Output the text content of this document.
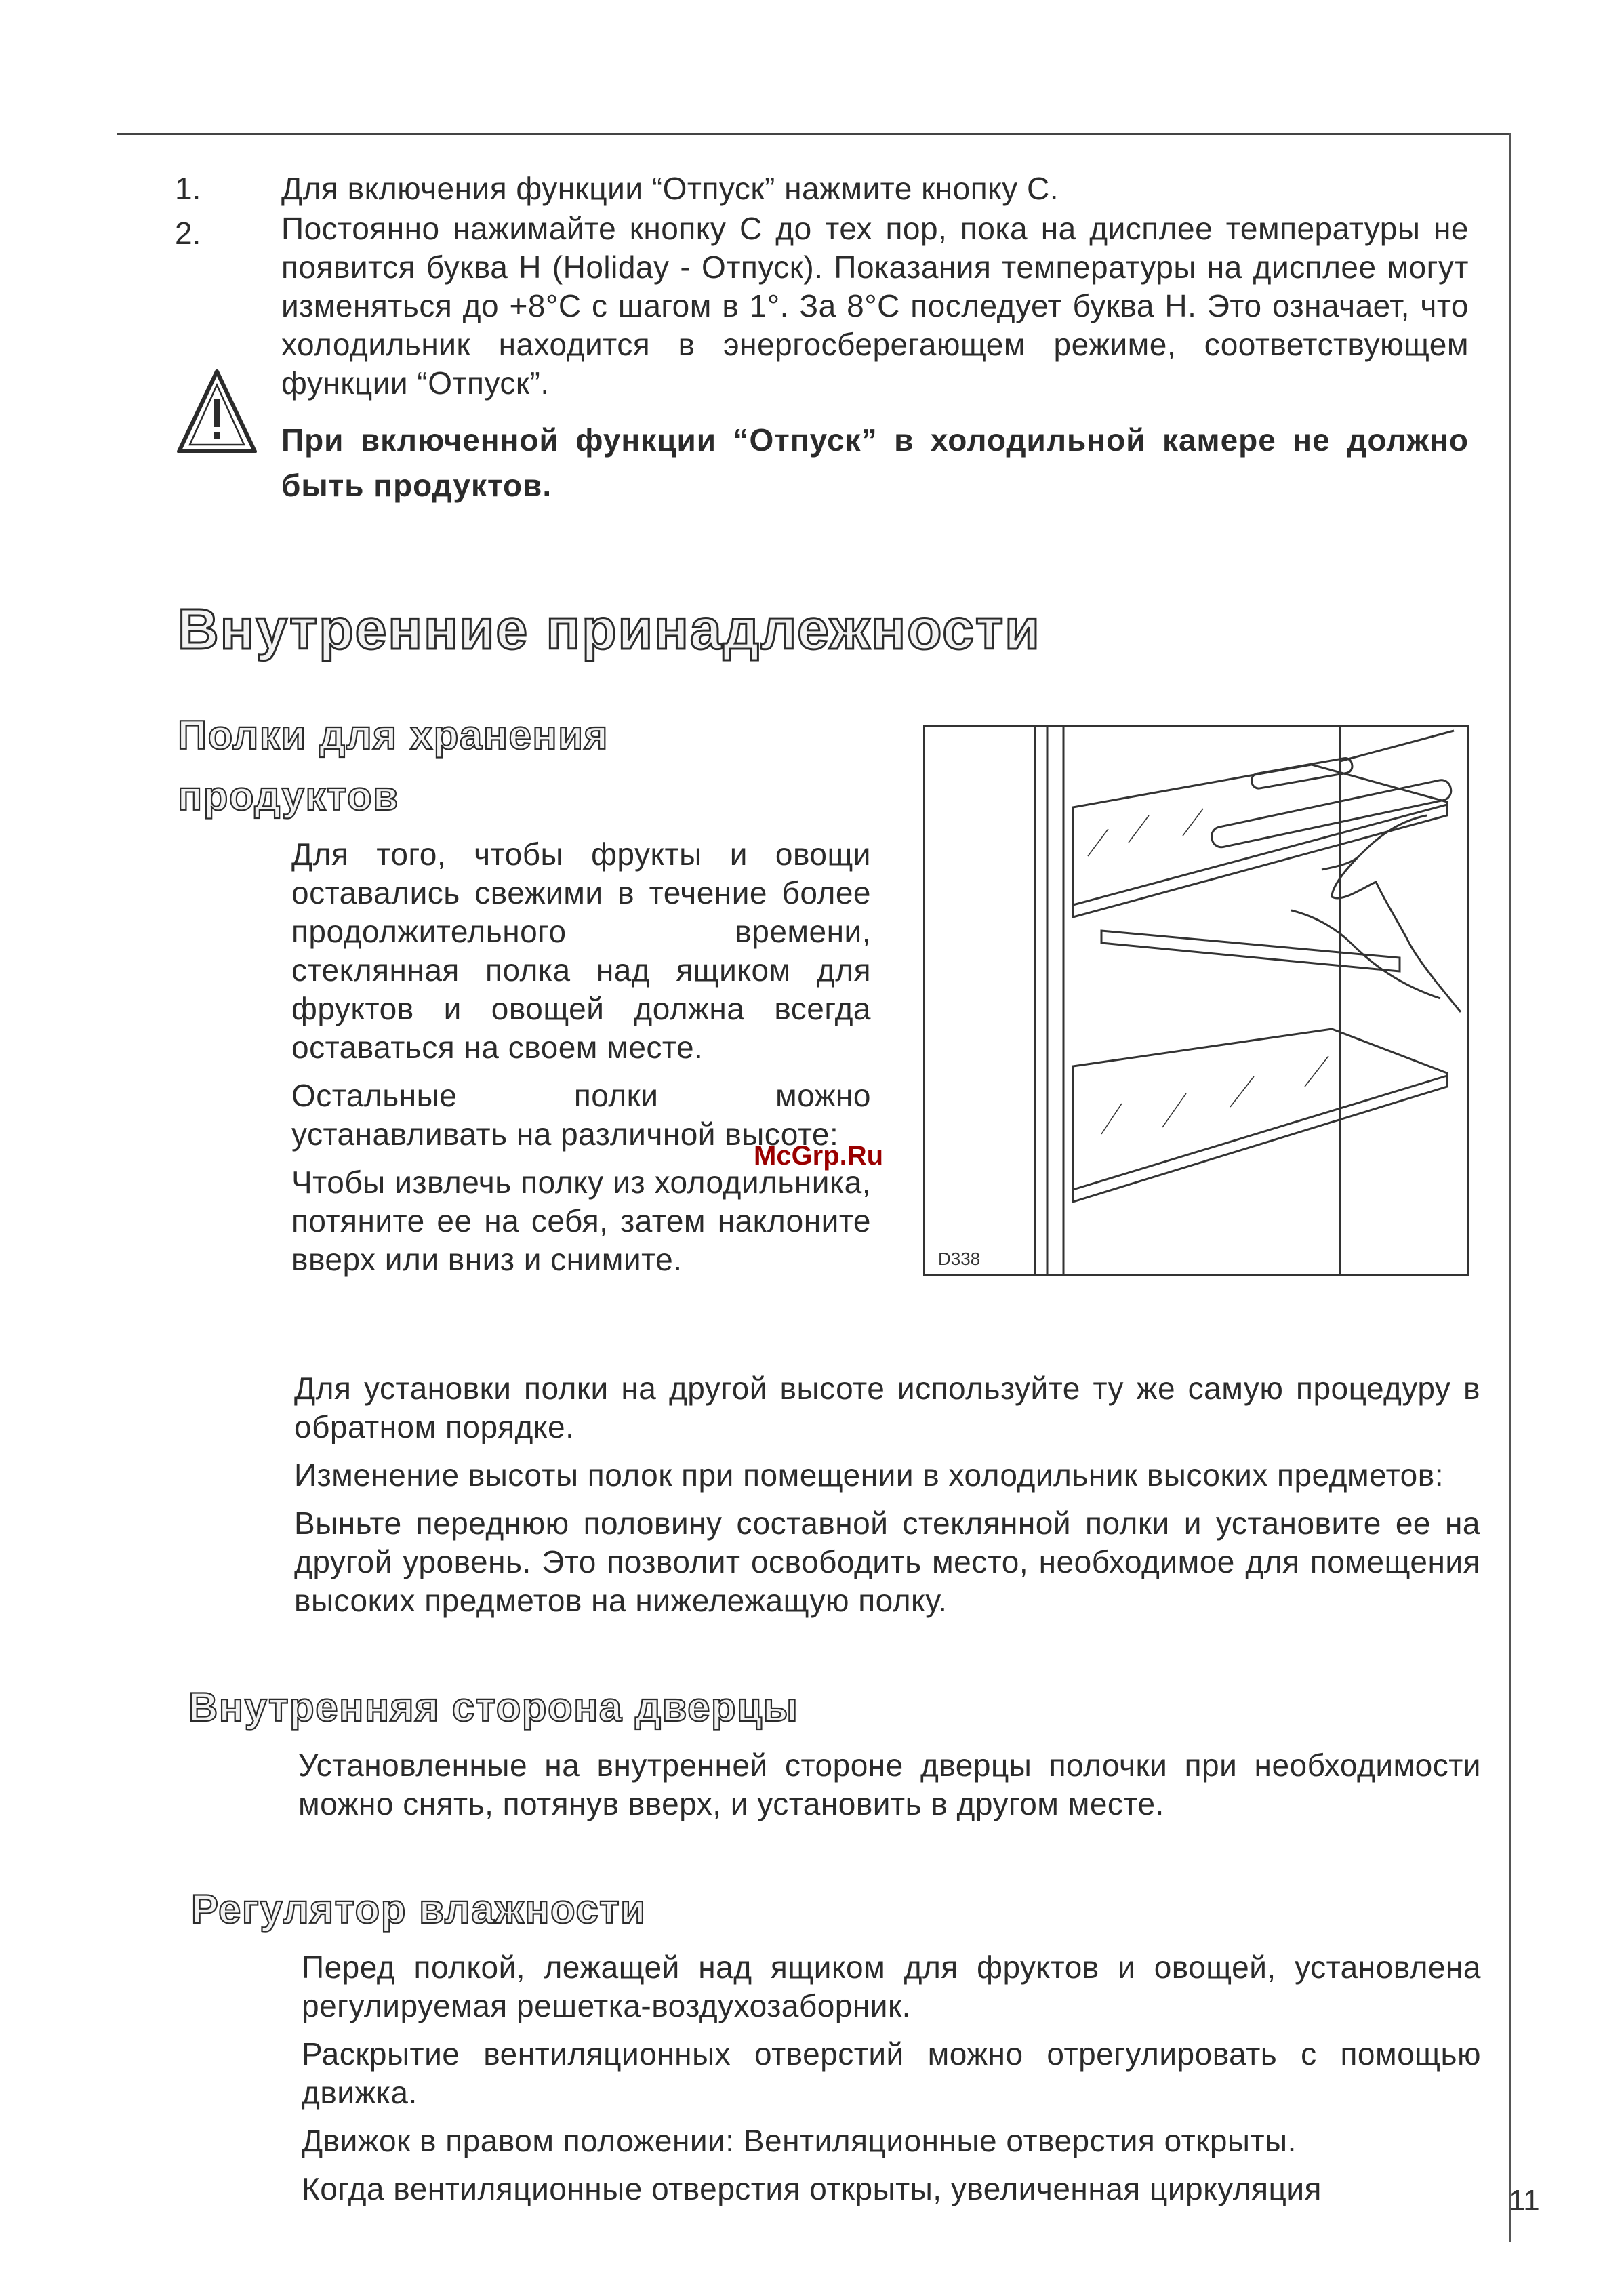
1.	Для включения функции “Отпуск” нажмите кнопку С.
2.	Постоянно нажимайте кнопку С до тех пор, пока на дисплее температуры не появится буква H (Holiday - Отпуск). Показания температуры на дисплее могут изменяться до +8°C с шагом в 1°. За 8°C последует буква H. Это означает, что холодильник находится в энергосберегающем режиме, соответствующем функции “Отпуск”.
При включенной функции “Отпуск” в холодильной камере не должно быть продуктов.
Внутренние принадлежности
Полки для хранения
продуктов

Для того, чтобы фрукты и овощи оставались свежими в течение более продолжительного времени, стеклянная полка над ящиком для фруктов и овощей должна всегда оставаться на своем месте.

Остальные полки можно устанавливать на различной высоте:

Чтобы извлечь полку из холодильника, потяните ее на себя, затем наклоните вверх или вниз и снимите.	D338
McGrp.Ru

Для установки полки на другой высоте используйте ту же самую процедуру в обратном порядке.

Изменение высоты полок при помещении в холодильник высоких предметов:

Выньте переднюю половину составной стеклянной полки и установите ее на другой уровень. Это позволит освободить место, необходимое для помещения высоких предметов на нижележащую полку.

Внутренняя сторона дверцы

Установленные на внутренней стороне дверцы полочки при необходимости можно снять, потянув вверх, и установить в другом месте.

Регулятор влажности

Перед полкой, лежащей над ящиком для фруктов и овощей, установлена регулируемая решетка-воздухозаборник.

Раскрытие вентиляционных отверстий можно отрегулировать с помощью движка.

Движок в правом положении: Вентиляционные отверстия открыты.

Когда вентиляционные отверстия открыты, увеличенная циркуляция	11
